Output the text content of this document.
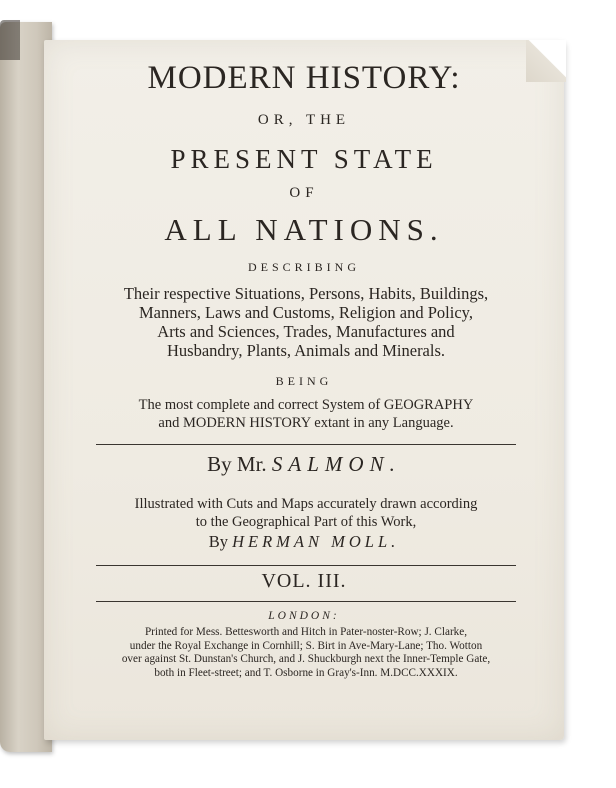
MODERN HISTORY:
OR, THE
PRESENT STATE
OF
ALL NATIONS.
DESCRIBING
Their respective Situations, Persons, Habits, Buildings,
Manners, Laws and Customs, Religion and Policy,
Arts and Sciences, Trades, Manufactures and
Husbandry, Plants, Animals and Minerals.
BEING
The most complete and correct System of GEOGRAPHY
and MODERN HISTORY extant in any Language.
By Mr. SALMON.
Illustrated with Cuts and Maps accurately drawn according
to the Geographical Part of this Work,
By HERMAN MOLL.
VOL. III.
LONDON:
Printed for Mess. Bettesworth and Hitch in Pater-noster-Row; J. Clarke,
under the Royal Exchange in Cornhill; S. Birt in Ave-Mary-Lane; Tho. Wotton
over against St. Dunstan's Church, and J. Shuckburgh next the Inner-Temple Gate,
both in Fleet-street; and T. Osborne in Gray's-Inn. M.DCC.XXXIX.
